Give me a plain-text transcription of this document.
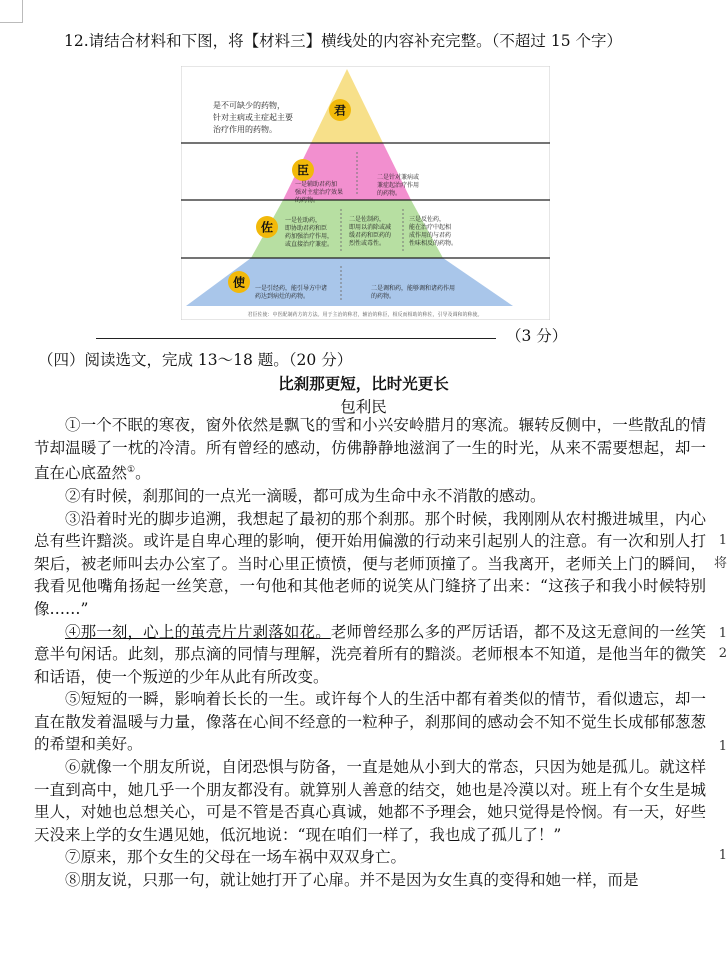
12.请结合材料和下图，将【材料三】横线处的内容补充完整。（不超过 15 个字）
君
臣
佐
使
是不可缺少的药物，
针对主病或主症起主要
治疗作用的药物。
一是辅助君药加
强对主症治疗效果
的药物。
二是针对兼病或
兼症起治疗作用
的药物。
一是佐助药，
即协助君药和臣
药加强治疗作用，
或直接治疗兼症。
二是佐制药，
即用以消除或减
缓君药和臣药的
烈性或毒性。
三是反佐药，
能在治疗中起相
成作用的与君药
性味相反的药物。
一是引经药，能引导方中诸
药达到病灶的药物。
二是调和药，能够调和诸药作用
的药物。
君臣佐使：中医配制药方的方法。用于主治的称君，辅治的称臣，相反而相助的称佐，引导及调和的称使。
（3 分）
（四）阅读选文，完成 13～18 题。（20 分）
比刹那更短，比时光更长
包利民

①一个不眠的寒夜，窗外依然是飘飞的雪和小兴安岭腊月的寒流。辗转反侧中，一些散乱的情节却温暖了一枕的冷清。所有曾经的感动，仿佛静静地滋润了一生的时光，从来不需要想起，却一直在心底盈然①。

②有时候，刹那间的一点光一滴暖，都可成为生命中永不消散的感动。

③沿着时光的脚步追溯，我想起了最初的那个刹那。那个时候，我刚刚从农村搬进城里，内心总有些许黯淡。或许是自卑心理的影响，便开始用偏激的行动来引起别人的注意。有一次和别人打架后，被老师叫去办公室了。当时心里正愤愤，便与老师顶撞了。当我离开，老师关上门的瞬间，我看见他嘴角扬起一丝笑意，一句他和其他老师的说笑从门缝挤了出来：“这孩子和我小时候特别像……”

④那一刻，心上的茧壳片片剥落如花。老师曾经那么多的严厉话语，都不及这无意间的一丝笑意半句闲话。此刻，那点滴的同情与理解，洗亮着所有的黯淡。老师根本不知道，是他当年的微笑和话语，使一个叛逆的少年从此有所改变。

⑤短短的一瞬，影响着长长的一生。或许每个人的生活中都有着类似的情节，看似遗忘，却一直在散发着温暖与力量，像落在心间不经意的一粒种子，刹那间的感动会不知不觉生长成郁郁葱葱的希望和美好。

⑥就像一个朋友所说，自闭恐惧与防备，一直是她从小到大的常态，只因为她是孤儿。就这样一直到高中，她几乎一个朋友都没有。就算别人善意的结交，她也是冷漠以对。班上有个女生是城里人，对她也总想关心，可是不管是否真心真诚，她都不予理会，她只觉得是怜悯。有一天，好些天没来上学的女生遇见她，低沉地说：“现在咱们一样了，我也成了孤儿了！”

⑦原来，那个女生的父母在一场车祸中双双身亡。

⑧朋友说，只那一句，就让她打开了心扉。并不是因为女生真的变得和她一样，而是

1
将
1
2
1
1
